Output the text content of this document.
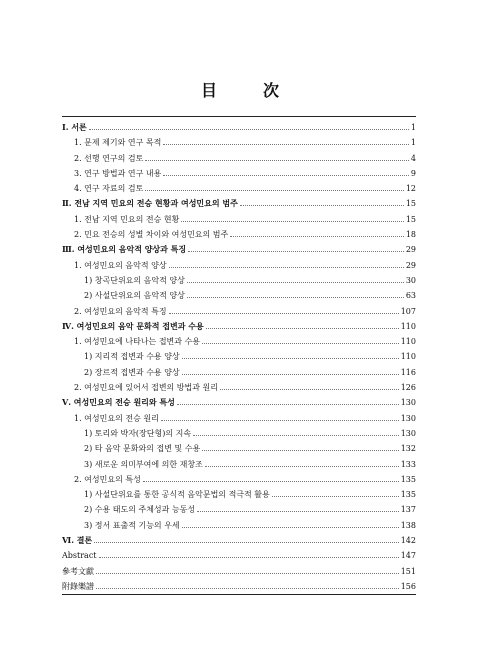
目	次
Ⅰ. 서론	1
1. 문제 제기와 연구 목적	1
2. 선행 연구의 검토	4
3. 연구 방법과 연구 내용	9
4. 연구 자료의 검토	12
Ⅱ. 전남 지역 민요의 전승 현황과 여성민요의 범주	15
1. 전남 지역 민요의 전승 현황	15
2. 민요 전승의 성별 차이와 여성민요의 범주	18
Ⅲ. 여성민요의 음악적 양상과 특징	29
1. 여성민요의 음악적 양상	29
1) 창곡단위요의 음악적 양상	30
2) 사설단위요의 음악적 양상	63
2. 여성민요의 음악적 특징	107
Ⅳ. 여성민요의 음악 문화적 접변과 수용	110
1. 여성민요에 나타나는 접변과 수용	110
1) 지리적 접변과 수용 양상	110
2) 장르적 접변과 수용 양상	116
2. 여성민요에 있어서 접변의 방법과 원리	126
Ⅴ. 여성민요의 전승 원리와 특성	130
1. 여성민요의 전승 원리	130
1) 토리와 박자(장단형)의 지속	130
2) 타 음악 문화와의 접변 및 수용	132
3) 새로운 의미부여에 의한 재창조	133
2. 여성민요의 특성	135
1) 사설단위요를 통한 공식적 음악문법의 적극적 활용	135
2) 수용 태도의 주체성과 능동성	137
3) 정서 표출적 기능의 우세	138
Ⅵ. 결론	142
Abstract	147
參考文獻	151
附錄樂譜	156
